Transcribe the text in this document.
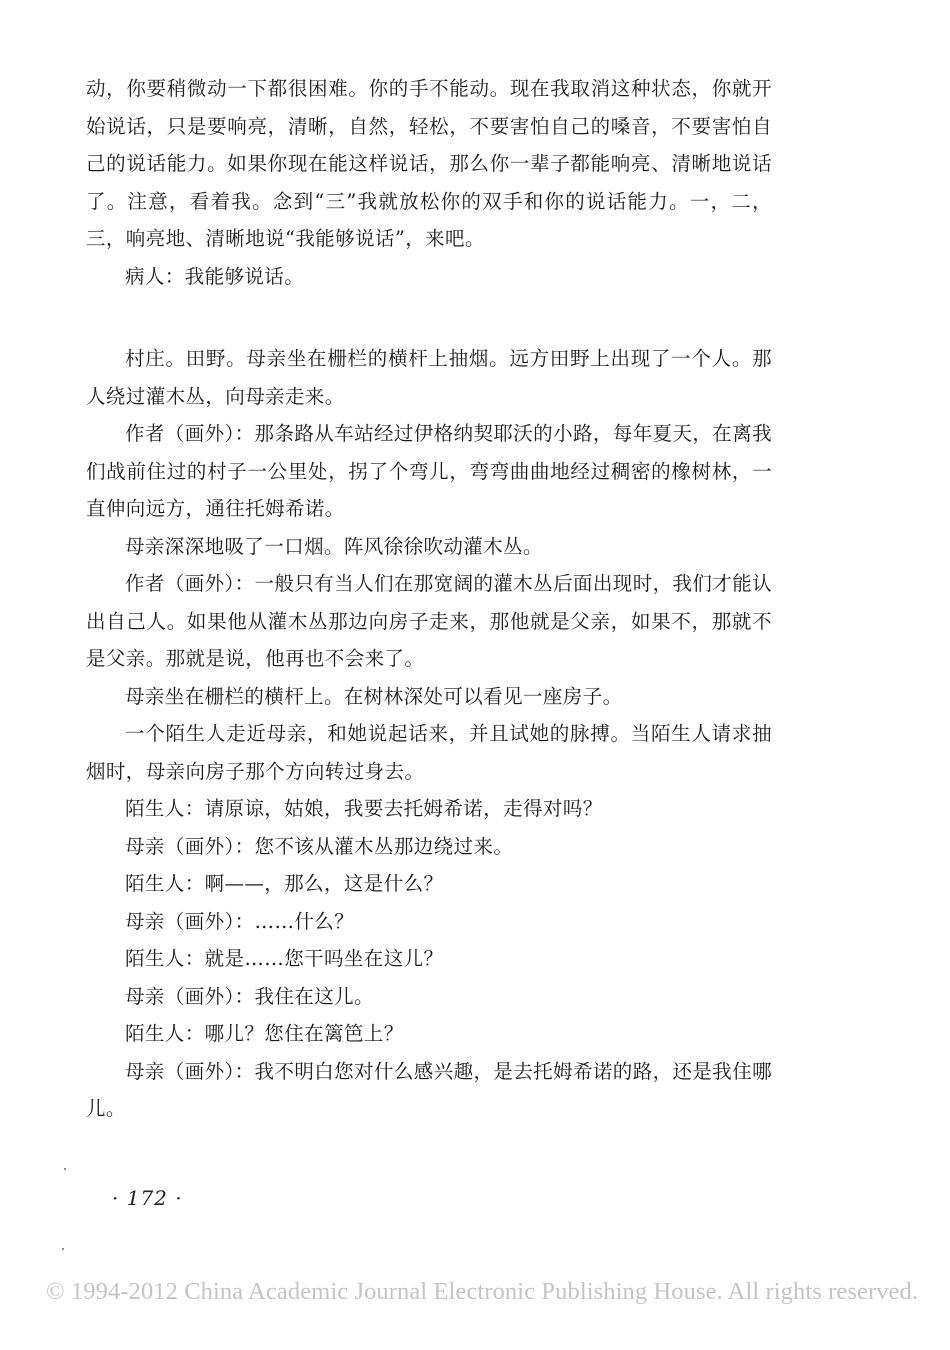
动，你要稍微动一下都很困难。你的手不能动。现在我取消这种状态，你就开始说话，只是要响亮，清晰，自然，轻松，不要害怕自己的嗓音，不要害怕自己的说话能力。如果你现在能这样说话，那么你一辈子都能响亮、清晰地说话了。注意，看着我。念到“三”我就放松你的双手和你的说话能力。一，二，三，响亮地、清晰地说“我能够说话”，来吧。

病人：我能够说话。

村庄。田野。母亲坐在栅栏的横杆上抽烟。远方田野上出现了一个人。那人绕过灌木丛，向母亲走来。

作者（画外）：那条路从车站经过伊格纳契耶沃的小路，每年夏天，在离我们战前住过的村子一公里处，拐了个弯儿，弯弯曲曲地经过稠密的橡树林，一直伸向远方，通往托姆希诺。

母亲深深地吸了一口烟。阵风徐徐吹动灌木丛。

作者（画外）：一般只有当人们在那宽阔的灌木丛后面出现时，我们才能认出自己人。如果他从灌木丛那边向房子走来，那他就是父亲，如果不，那就不是父亲。那就是说，他再也不会来了。

母亲坐在栅栏的横杆上。在树林深处可以看见一座房子。

一个陌生人走近母亲，和她说起话来，并且试她的脉搏。当陌生人请求抽烟时，母亲向房子那个方向转过身去。

陌生人：请原谅，姑娘，我要去托姆希诺，走得对吗？

母亲（画外）：您不该从灌木丛那边绕过来。

陌生人：啊——，那么，这是什么？

母亲（画外）：……什么？

陌生人：就是……您干吗坐在这儿？

母亲（画外）：我住在这儿。

陌生人：哪儿？您住在篱笆上？

母亲（画外）：我不明白您对什么感兴趣，是去托姆希诺的路，还是我住哪儿。

· 172 ·
© 1994-2012 China Academic Journal Electronic Publishing House. All rights reserved.
